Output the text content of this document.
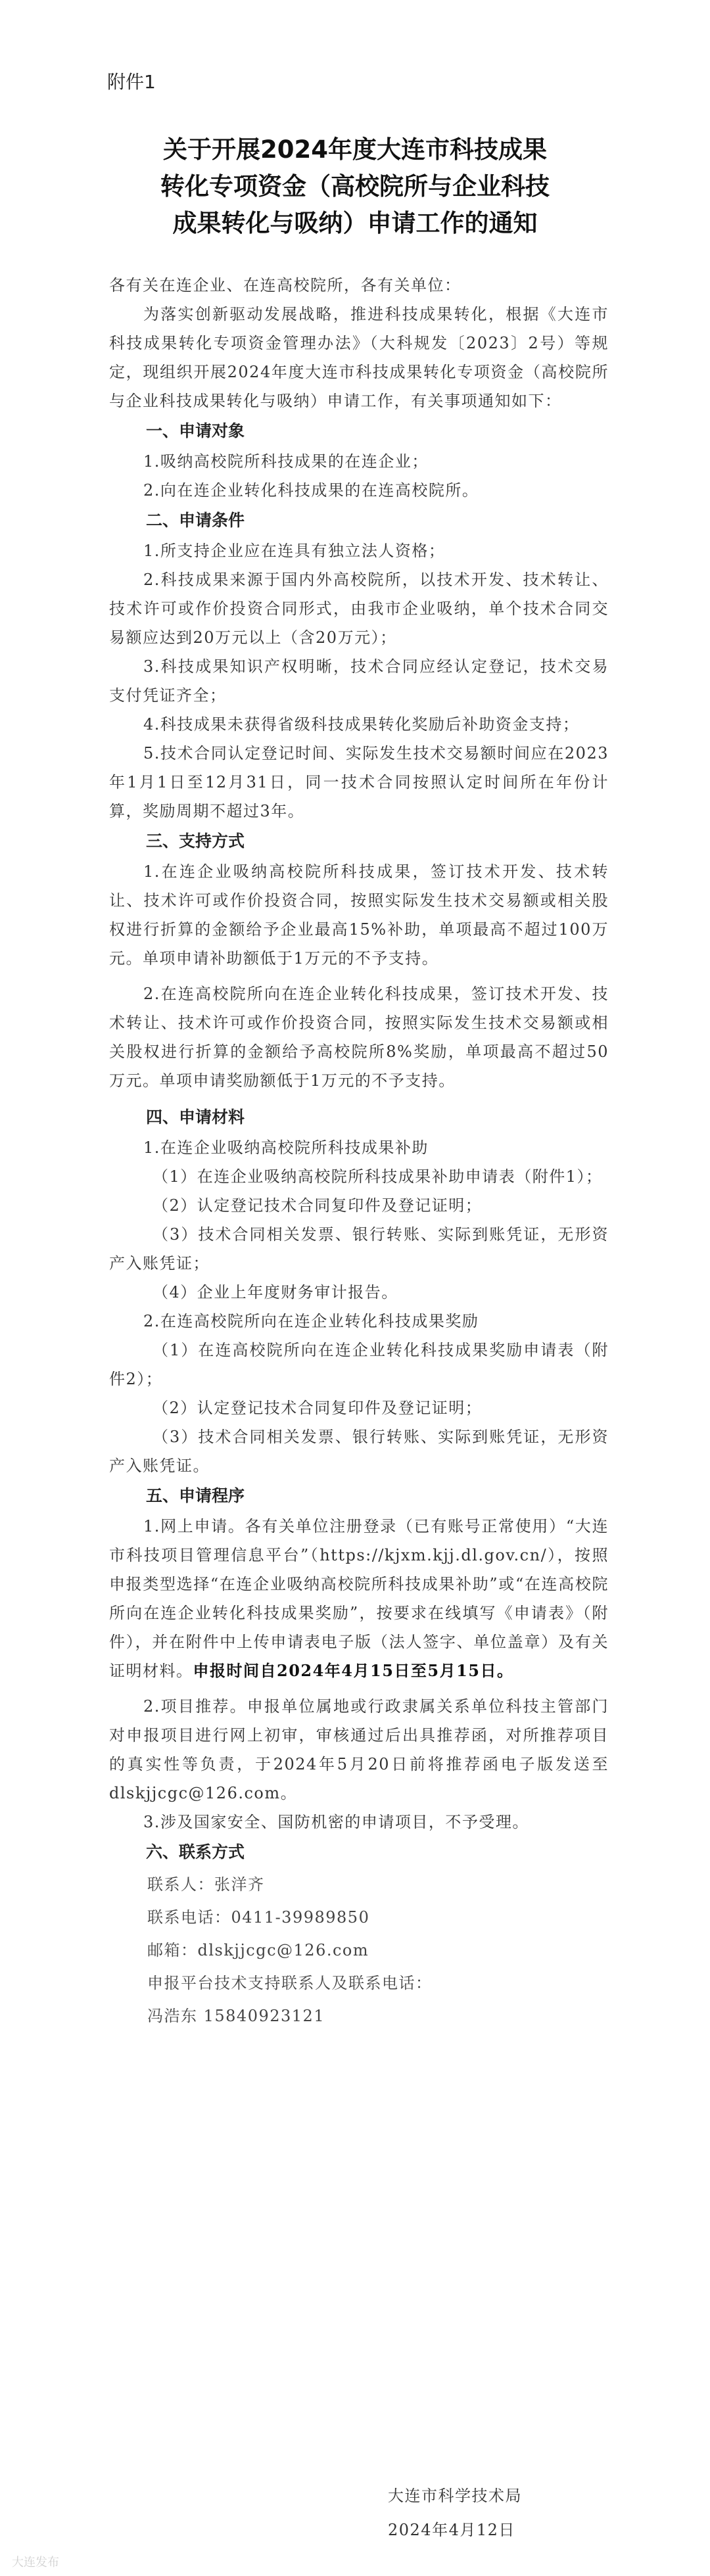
附件1
关于开展2024年度大连市科技成果
转化专项资金（高校院所与企业科技
成果转化与吸纳）申请工作的通知

各有关在连企业、在连高校院所，各有关单位：

为落实创新驱动发展战略，推进科技成果转化，根据《大连市科技成果转化专项资金管理办法》（大科规发〔2023〕2号）等规定，现组织开展2024年度大连市科技成果转化专项资金（高校院所与企业科技成果转化与吸纳）申请工作，有关事项通知如下：

一、申请对象

1.吸纳高校院所科技成果的在连企业；

2.向在连企业转化科技成果的在连高校院所。

二、申请条件

1.所支持企业应在连具有独立法人资格；

2.科技成果来源于国内外高校院所，以技术开发、技术转让、技术许可或作价投资合同形式，由我市企业吸纳，单个技术合同交易额应达到20万元以上（含20万元）；

3.科技成果知识产权明晰，技术合同应经认定登记，技术交易支付凭证齐全；

4.科技成果未获得省级科技成果转化奖励后补助资金支持；

5.技术合同认定登记时间、实际发生技术交易额时间应在2023年1月1日至12月31日，同一技术合同按照认定时间所在年份计算，奖励周期不超过3年。

三、支持方式

1.在连企业吸纳高校院所科技成果，签订技术开发、技术转让、技术许可或作价投资合同，按照实际发生技术交易额或相关股权进行折算的金额给予企业最高15%补助，单项最高不超过100万元。单项申请补助额低于1万元的不予支持。

2.在连高校院所向在连企业转化科技成果，签订技术开发、技术转让、技术许可或作价投资合同，按照实际发生技术交易额或相关股权进行折算的金额给予高校院所8%奖励，单项最高不超过50万元。单项申请奖励额低于1万元的不予支持。

四、申请材料

1.在连企业吸纳高校院所科技成果补助

（1）在连企业吸纳高校院所科技成果补助申请表（附件1）；

（2）认定登记技术合同复印件及登记证明；

（3）技术合同相关发票、银行转账、实际到账凭证，无形资产入账凭证；

（4）企业上年度财务审计报告。

2.在连高校院所向在连企业转化科技成果奖励

（1）在连高校院所向在连企业转化科技成果奖励申请表（附件2）；

（2）认定登记技术合同复印件及登记证明；

（3）技术合同相关发票、银行转账、实际到账凭证，无形资产入账凭证。

五、申请程序

1.网上申请。各有关单位注册登录（已有账号正常使用）“大连市科技项目管理信息平台”（https://kjxm.kjj.dl.gov.cn/），按照申报类型选择“在连企业吸纳高校院所科技成果补助”或“在连高校院所向在连企业转化科技成果奖励”，按要求在线填写《申请表》（附件），并在附件中上传申请表电子版（法人签字、单位盖章）及有关证明材料。申报时间自2024年4月15日至5月15日。

2.项目推荐。申报单位属地或行政隶属关系单位科技主管部门对申报项目进行网上初审，审核通过后出具推荐函，对所推荐项目的真实性等负责，于2024年5月20日前将推荐函电子版发送至dlskjjcgc@126.com。

3.涉及国家安全、国防机密的申请项目，不予受理。

六、联系方式

联系人：张洋齐
联系电话：0411-39989850
邮箱：dlskjjcgc@126.com
申报平台技术支持联系人及联系电话：
冯浩东 15840923121
大连市科学技术局
2024年4月12日
大连发布
